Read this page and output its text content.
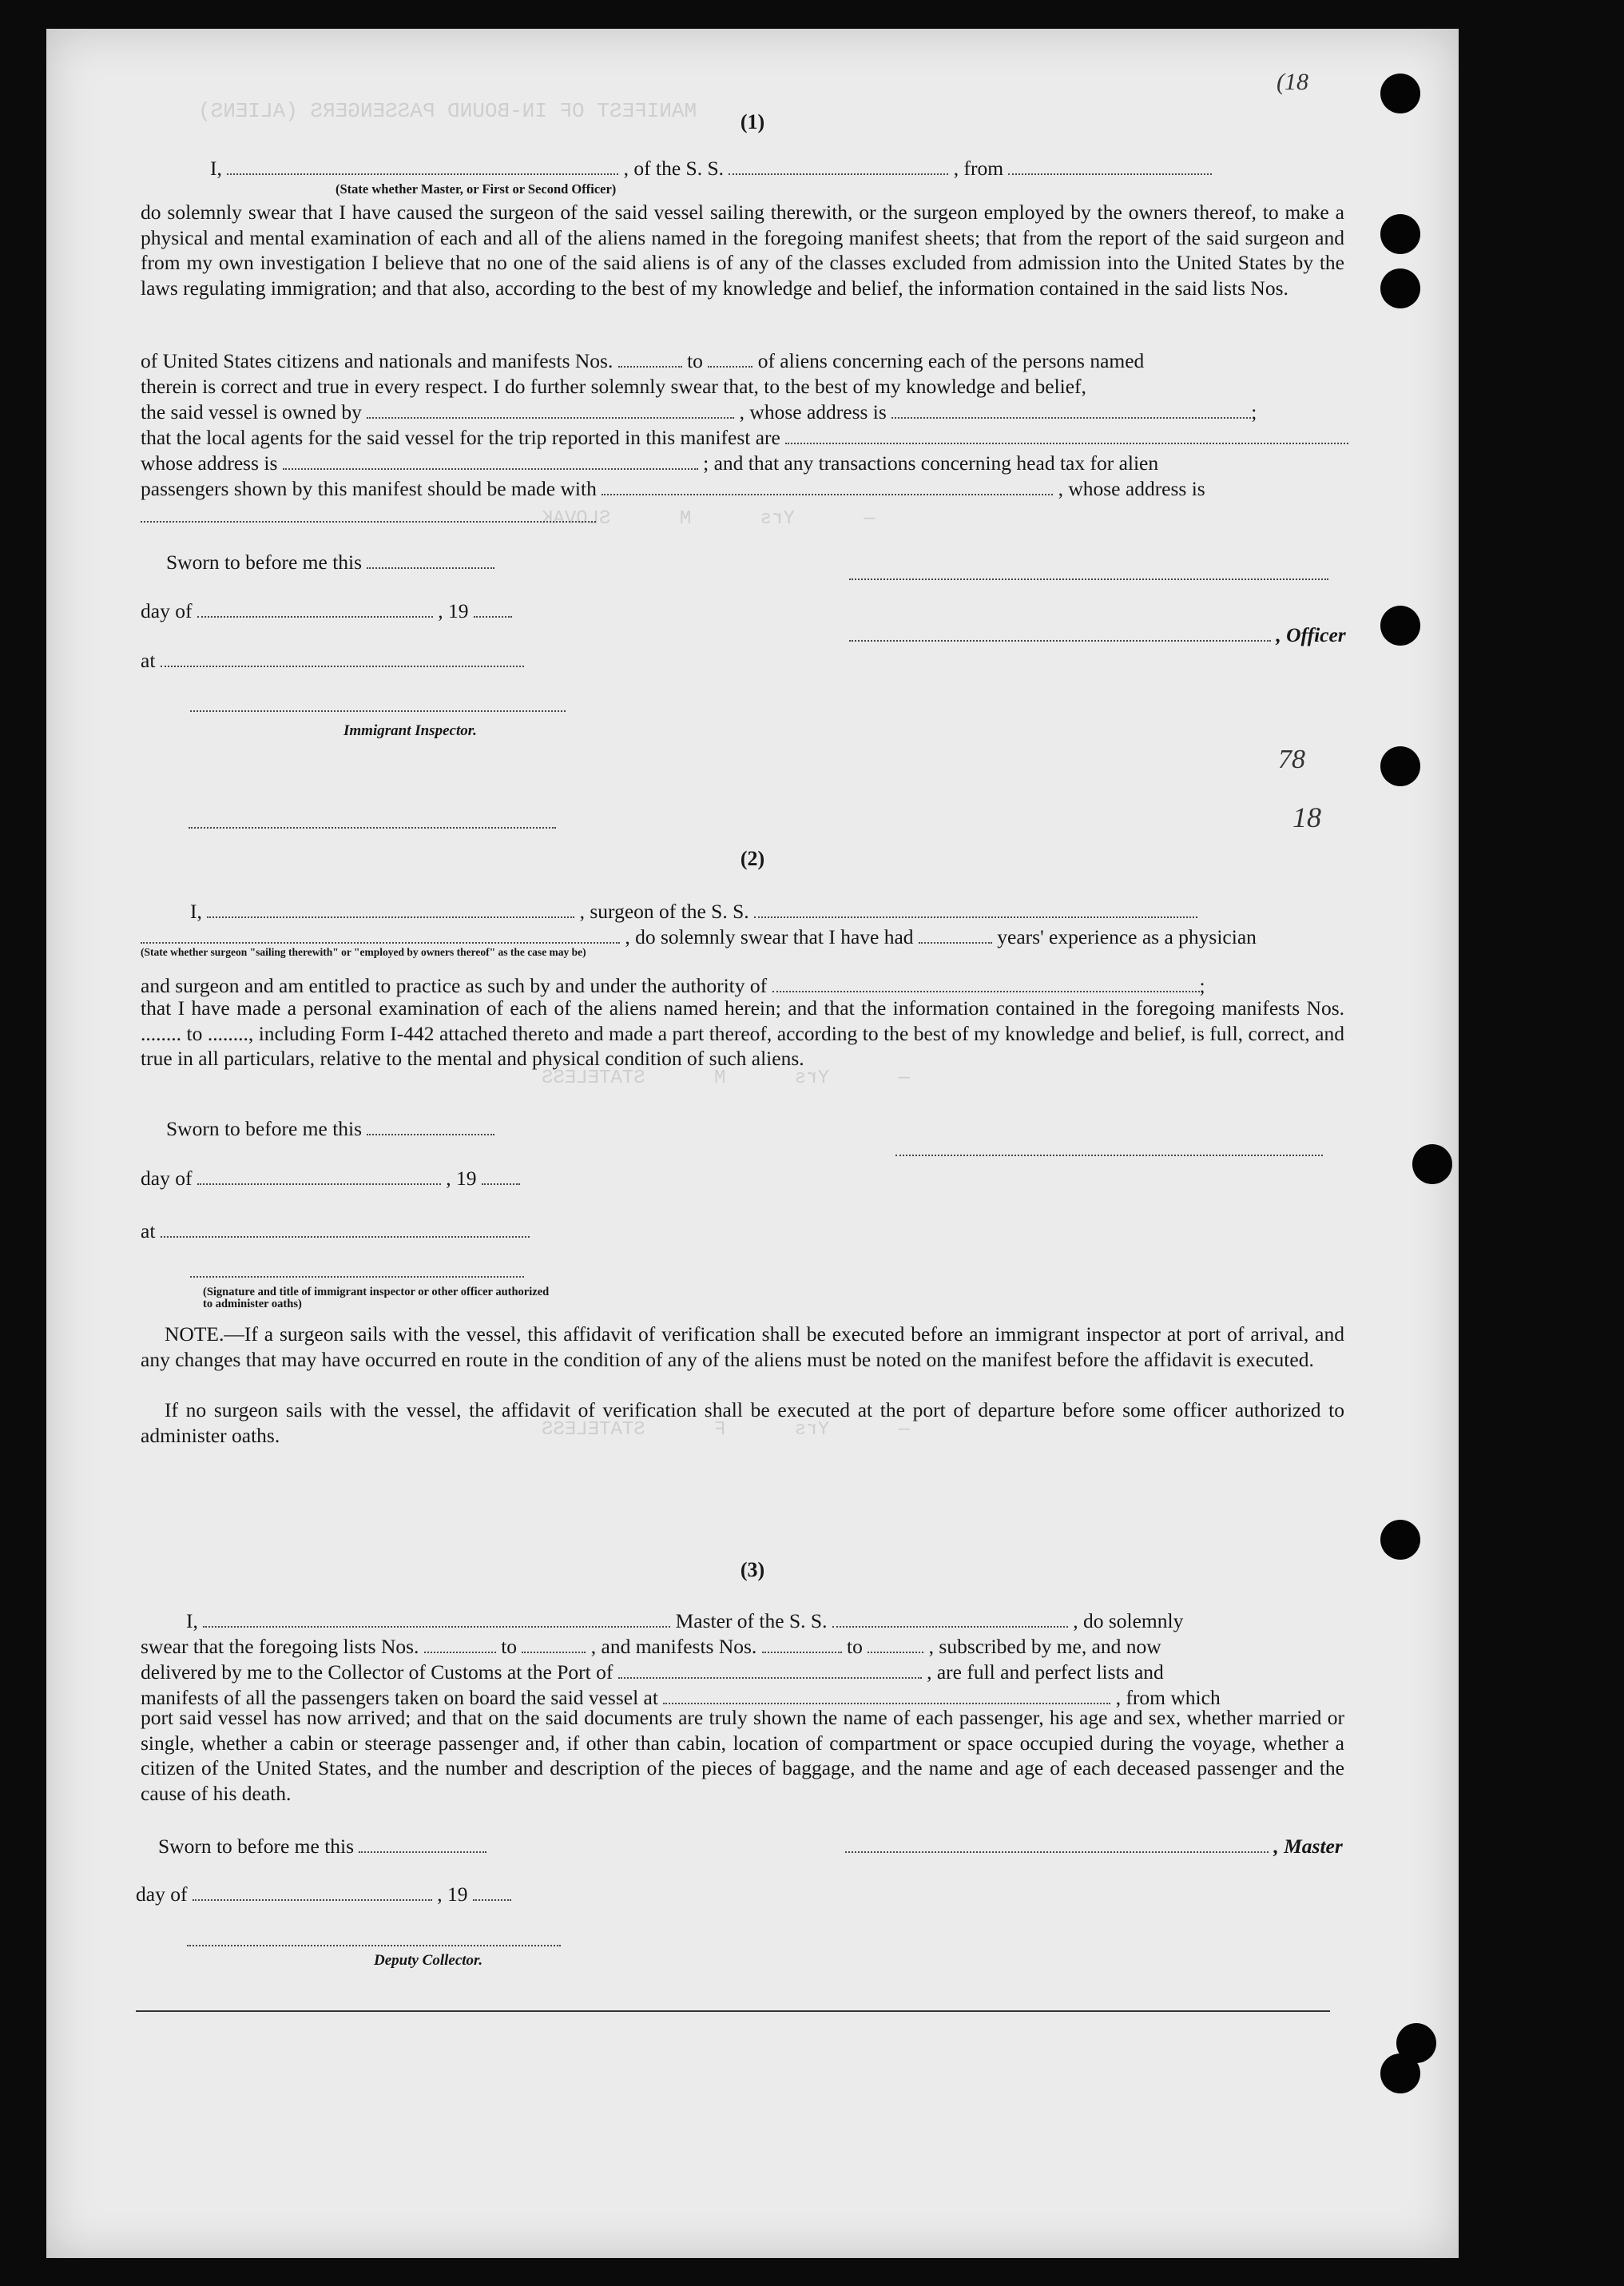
MANIFEST OF IN-BOUND PASSENGERS (ALIENS)
—      Yrs      M      SLOVAK
—      Yrs      M      STATELESS
—      Yrs      F      STATELESS
(18
78
18
(1)
I,	, of the S. S.	, from
(State whether Master, or First or Second Officer)

do solemnly swear that I have caused the surgeon of the said vessel sailing therewith, or the surgeon employed by the owners thereof, to make a physical and mental examination of each and all of the aliens named in the foregoing manifest sheets; that from the report of the said surgeon and from my own investigation I believe that no one of the said aliens is of any of the classes excluded from admission into the United States by the laws regulating immigration; and that also, according to the best of my knowledge and belief, the information contained in the said lists Nos.

of United States citizens and nationals and manifests Nos.	to	of aliens concerning each of the persons named
therein is correct and true in every respect. I do further solemnly swear that, to the best of my knowledge and belief,
the said vessel is owned by	, whose address is	;
that the local agents for the said vessel for the trip reported in this manifest are
whose address is	; and that any transactions concerning head tax for alien
passengers shown by this manifest should be made with	, whose address is
Sworn to before me this
day of	, 19
, Officer
at
Immigrant Inspector.
(2)
I,	, surgeon of the S. S.
, do solemnly swear that I have had	years' experience as a physician
(State whether surgeon "sailing therewith" or "employed by owners thereof" as the case may be)
and surgeon and am entitled to practice as such by and under the authority of	;

that I have made a personal examination of each of the aliens named herein; and that the information contained in the foregoing manifests Nos. ........ to ........, including Form I-442 attached thereto and made a part thereof, according to the best of my knowledge and belief, is full, correct, and true in all particulars, relative to the mental and physical condition of such aliens.

Sworn to before me this
day of	, 19
at
(Signature and title of immigrant inspector or other officer authorized to administer oaths)

NOTE.—If a surgeon sails with the vessel, this affidavit of verification shall be executed before an immigrant inspector at port of arrival, and any changes that may have occurred en route in the condition of any of the aliens must be noted on the manifest before the affidavit is executed.

If no surgeon sails with the vessel, the affidavit of verification shall be executed at the port of departure before some officer authorized to administer oaths.

(3)
I,	Master of the S. S.	, do solemnly
swear that the foregoing lists Nos.	to	, and manifests Nos.	to	, subscribed by me, and now
delivered by me to the Collector of Customs at the Port of	, are full and perfect lists and
manifests of all the passengers taken on board the said vessel at	, from which

port said vessel has now arrived; and that on the said documents are truly shown the name of each passenger, his age and sex, whether married or single, whether a cabin or steerage passenger and, if other than cabin, location of compartment or space occupied during the voyage, whether a citizen of the United States, and the number and description of the pieces of baggage, and the name and age of each deceased passenger and the cause of his death.

Sworn to before me this	, Master
day of	, 19
Deputy Collector.
